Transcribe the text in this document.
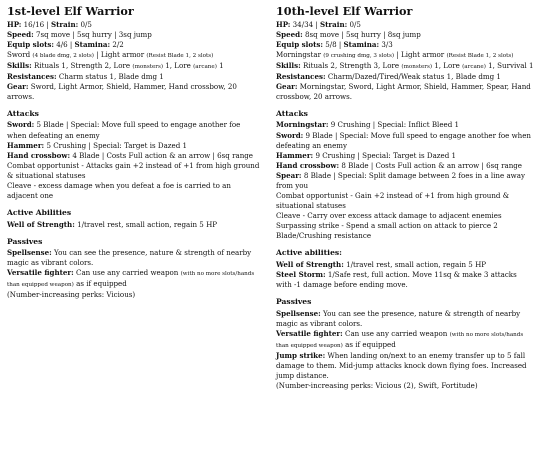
1st-level Elf Warrior

HP: 16/16 | Strain: 0/5

Speed: 7sq move | 5sq hurry | 3sq jump

Equip slots: 4/6 | Stamina: 2/2

Sword (4 blade dmg, 2 slots) | Light armor (Resist Blade 1, 2 slots)

Skills: Rituals 1, Strength 2, Lore (monsters) 1, Lore (arcane) 1

Resistances: Charm status 1, Blade dmg 1

Gear: Sword, Light Armor, Shield, Hammer, Hand crossbow, 20 arrows.

Attacks

Sword: 5 Blade | Special: Move full speed to engage another foe when defeating an enemy

Hammer: 5 Crushing | Special: Target is Dazed 1

Hand crossbow: 4 Blade | Costs Full action & an arrow | 6sq range

Combat opportunist - Attacks gain +2 instead of +1 from high ground & situational statuses

Cleave - excess damage when you defeat a foe is carried to an adjacent one

Active Abilities

Well of Strength: 1/travel rest, small action, regain 5 HP

Passives

Spellsense: You can see the presence, nature & strength of nearby magic as vibrant colors.

Versatile fighter: Can use any carried weapon (with no more slots/hands than equipped weapon) as if equipped

(Number-increasing perks: Vicious)

10th-level Elf Warrior

HP: 34/34 | Strain: 0/5

Speed: 8sq move | 5sq hurry | 8sq jump

Equip slots: 5/8 | Stamina: 3/3

Morningstar (9 crushing dmg, 3 slots) | Light armor (Resist Blade 1, 2 slots)

Skills: Rituals 2, Strength 3, Lore (monsters) 1, Lore (arcane) 1, Survival 1

Resistances: Charm/Dazed/Tired/Weak status 1, Blade dmg 1

Gear: Morningstar, Sword, Light Armor, Shield, Hammer, Spear, Hand crossbow, 20 arrows.

Attacks

Morningstar: 9 Crushing | Special: Inflict Bleed 1

Sword: 9 Blade | Special: Move full speed to engage another foe when defeating an enemy

Hammer: 9 Crushing | Special: Target is Dazed 1

Hand crossbow: 8 Blade | Costs Full action & an arrow | 6sq range

Spear: 8 Blade | Special: Split damage between 2 foes in a line away from you

Combat opportunist - Gain +2 instead of +1 from high ground & situational statuses

Cleave - Carry over excess attack damage to adjacent enemies

Surpassing strike - Spend a small action on attack to pierce 2 Blade/Crushing resistance

Active abilities:

Well of Strength: 1/travel rest, small action, regain 5 HP

Steel Storm: 1/Safe rest, full action. Move 11sq & make 3 attacks with -1 damage before ending move.

Passives

Spellsense: You can see the presence, nature & strength of nearby magic as vibrant colors.

Versatile fighter: Can use any carried weapon (with no more slots/hands than equipped weapon) as if equipped

Jump strike: When landing on/next to an enemy transfer up to 5 fall damage to them. Mid-jump attacks knock down flying foes. Increased jump distance.

(Number-increasing perks: Vicious (2), Swift, Fortitude)
